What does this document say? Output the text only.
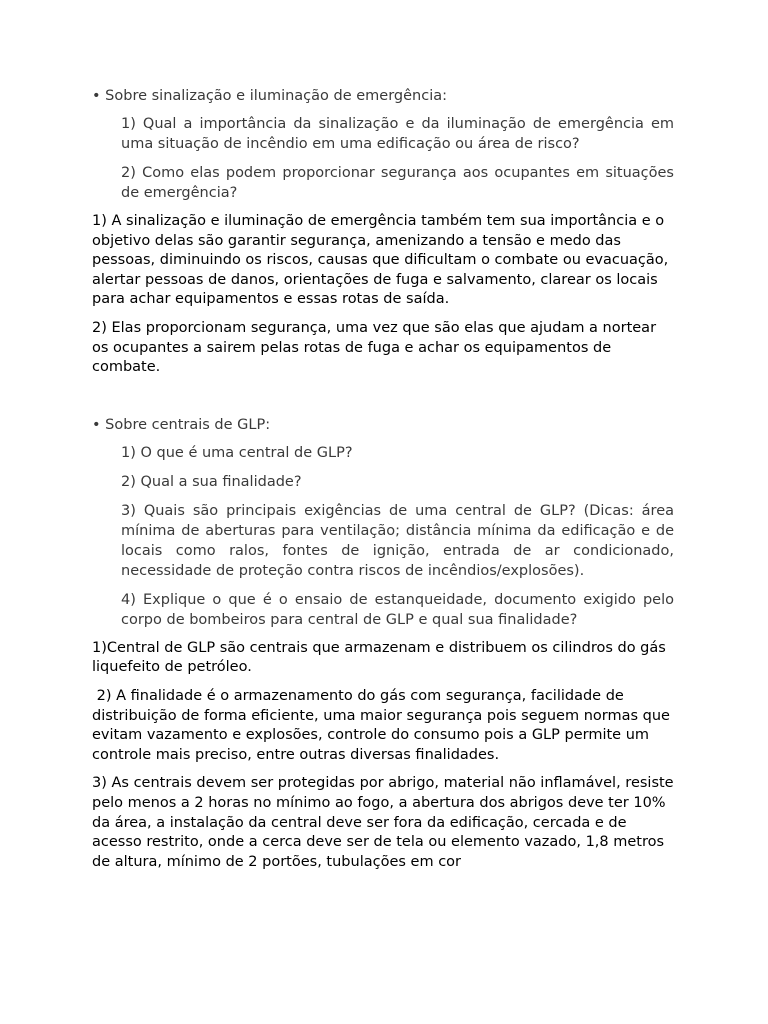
• Sobre sinalização e iluminação de emergência:

1) Qual a importância da sinalização e da iluminação de emergência em uma situação de incêndio em uma edificação ou área de risco?

2) Como elas podem proporcionar segurança aos ocupantes em situações de emergência?

1) A sinalização e iluminação de emergência também tem sua importância e o objetivo delas são garantir segurança, amenizando a tensão e medo das pessoas, diminuindo os riscos, causas que dificultam o combate ou evacuação, alertar pessoas de danos, orientações de fuga e salvamento, clarear os locais para achar equipamentos e essas rotas de saída.

2) Elas proporcionam segurança, uma vez que são elas que ajudam a nortear os ocupantes a sairem pelas rotas de fuga e achar os equipamentos de combate.

• Sobre centrais de GLP:

1) O que é uma central de GLP?

2) Qual a sua finalidade?

3) Quais são principais exigências de uma central de GLP? (Dicas: área mínima de aberturas para ventilação; distância mínima da edificação e de locais como ralos, fontes de ignição, entrada de ar condicionado, necessidade de proteção contra riscos de incêndios/explosões).

4) Explique o que é o ensaio de estanqueidade, documento exigido pelo corpo de bombeiros para central de GLP e qual sua finalidade?

1)Central de GLP são centrais que armazenam e distribuem os cilindros do gás liquefeito de petróleo.

2) A finalidade é o armazenamento do gás com segurança, facilidade de distribuição de forma eficiente, uma maior segurança pois seguem normas que evitam vazamento e explosões, controle do consumo pois a GLP permite um controle mais preciso, entre outras diversas finalidades.

3) As centrais devem ser protegidas por abrigo, material não inflamável, resiste pelo menos a 2 horas no mínimo ao fogo, a abertura dos abrigos deve ter 10% da área, a instalação da central deve ser fora da edificação, cercada e de acesso restrito, onde a cerca deve ser de tela ou elemento vazado, 1,8 metros de altura, mínimo de 2 portões, tubulações em cor
